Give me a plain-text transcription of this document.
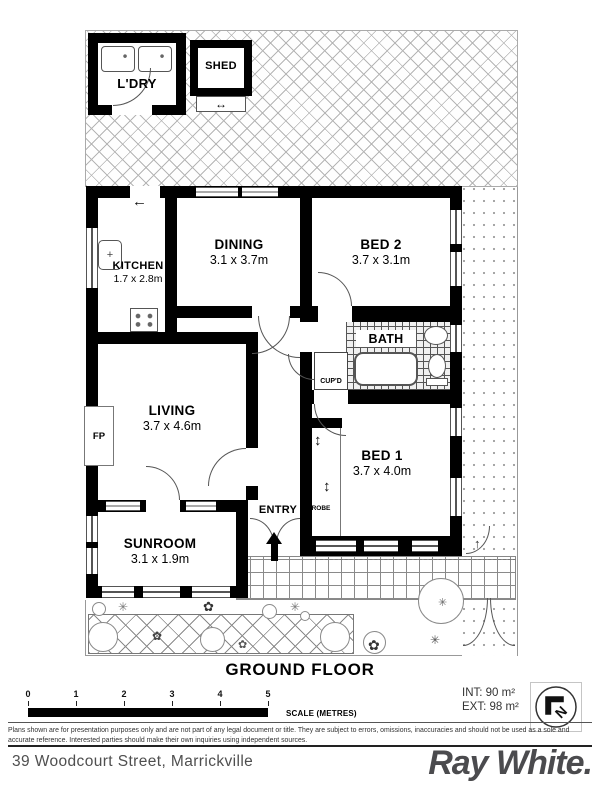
✳	✿	✳
✿
✿	✿
✳
✳
↑
L'DRY
SHED
↔
←
BATH
CUP'D
+
FP	↕
↕
ROBE
KITCHEN
1.7 x 2.8m
DINING
3.1 x 3.7m
BED 2
3.7 x 3.1m
LIVING
3.7 x 4.6m
BED 1
3.7 x 4.0m
SUNROOM
3.1 x 1.9m
ENTRY
GROUND FLOOR
0	1	2	3	4	5
SCALE (METRES)
INT: 90 m²
EXT: 98 m² N
Plans shown are for presentation purposes only and are not part of any legal document or title. They are subject to errors, omissions, inaccuracies and should not be used as a sole and accurate reference. Interested parties should make their own inquiries using independent sources.
39 Woodcourt Street, Marrickville	Ray White.
